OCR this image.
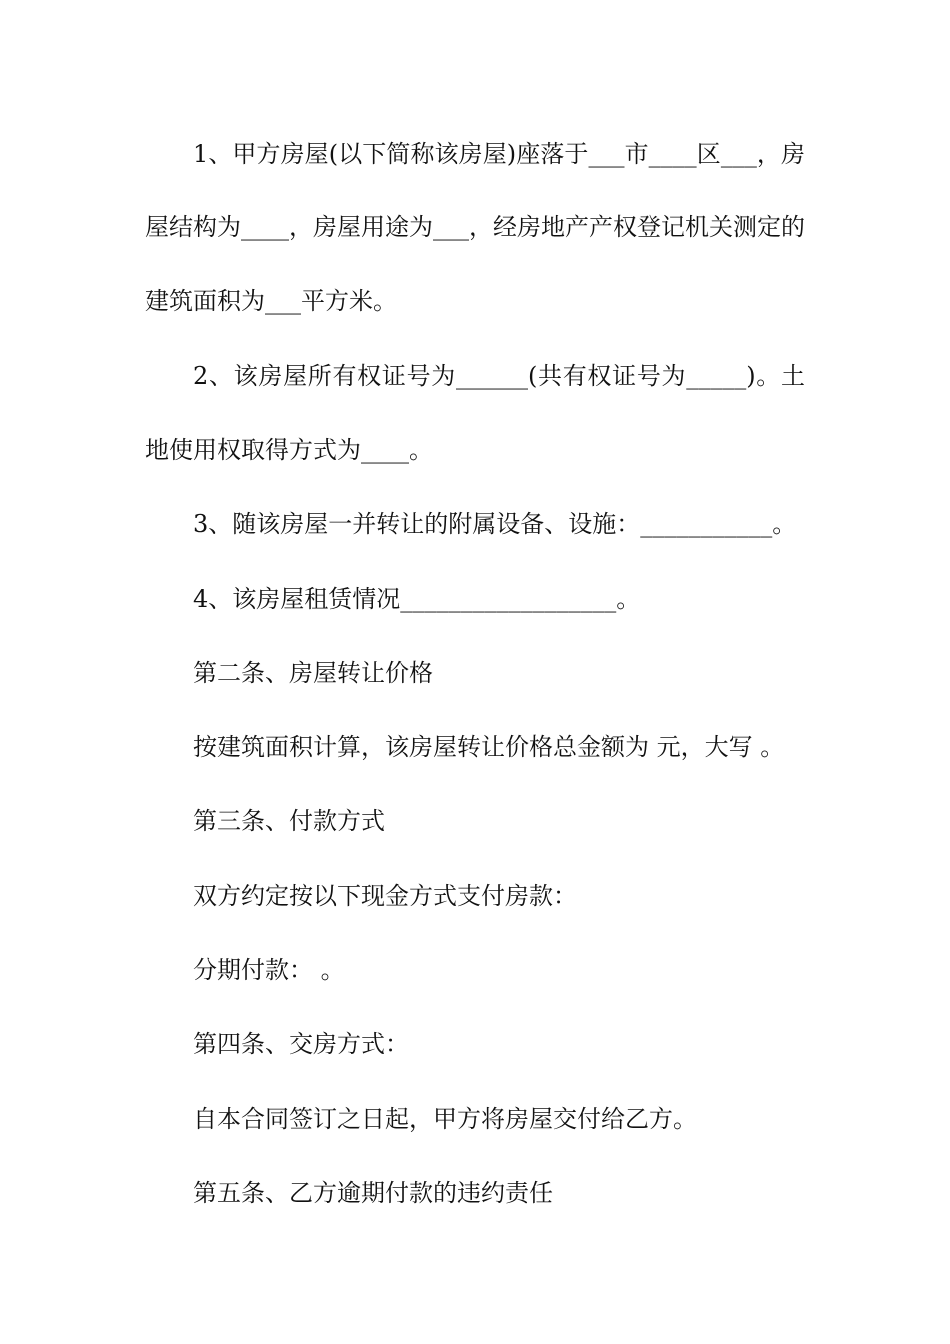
1、甲方房屋(以下简称该房屋)座落于___市____区___，房
屋结构为____，房屋用途为___，经房地产产权登记机关测定的
建筑面积为___平方米。
2、该房屋所有权证号为______(共有权证号为_____)。土
地使用权取得方式为____。
3、随该房屋一并转让的附属设备、设施：___________。
4、该房屋租赁情况__________________。
第二条、房屋转让价格
按建筑面积计算，该房屋转让价格总金额为 元，大写 。
第三条、付款方式
双方约定按以下现金方式支付房款：
分期付款： 。
第四条、交房方式：
自本合同签订之日起，甲方将房屋交付给乙方。
第五条、乙方逾期付款的违约责任
